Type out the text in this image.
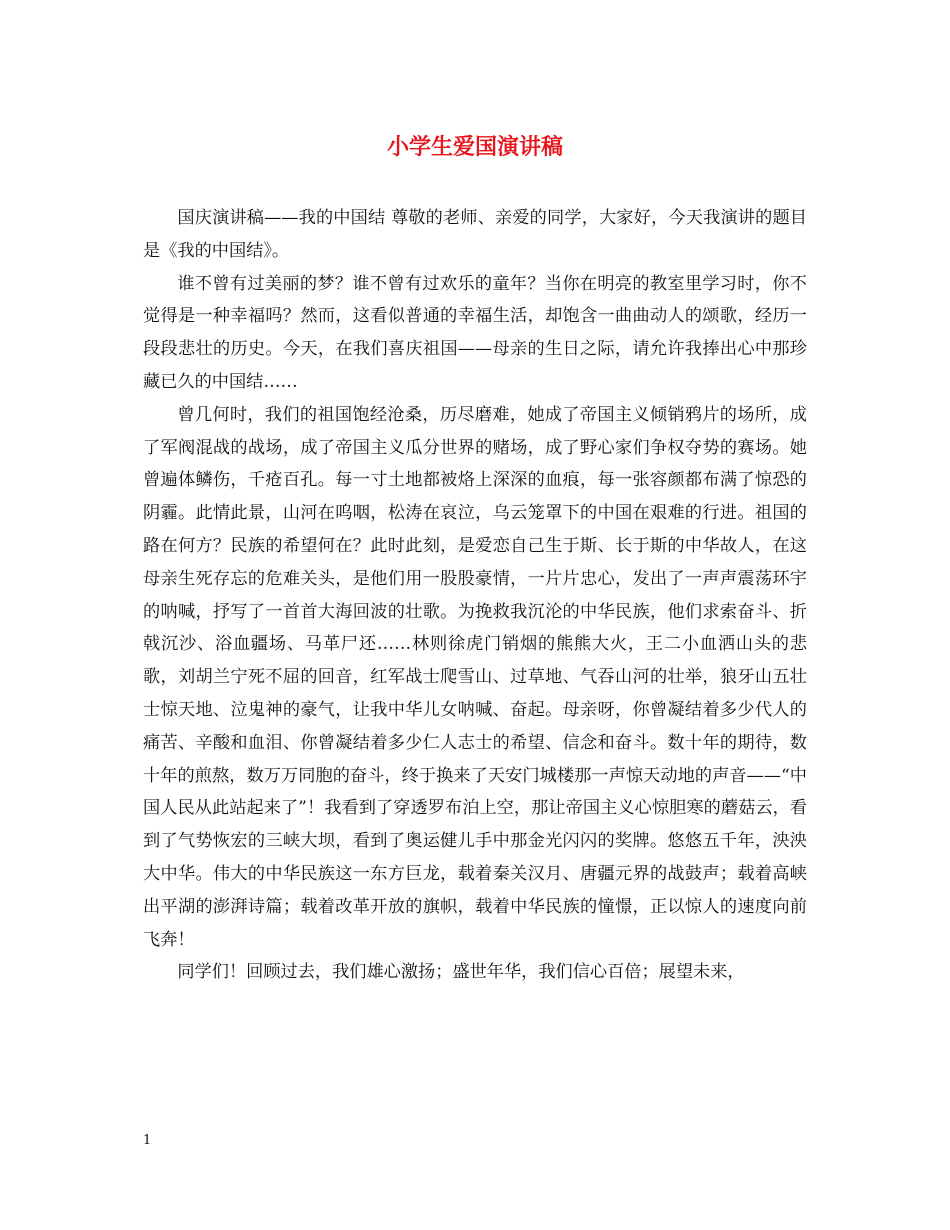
小学生爱国演讲稿

国庆演讲稿——我的中国结 尊敬的老师、亲爱的同学，大家好，今天我演讲的题目是《我的中国结》。

谁不曾有过美丽的梦？谁不曾有过欢乐的童年？当你在明亮的教室里学习时，你不觉得是一种幸福吗？然而，这看似普通的幸福生活，却饱含一曲曲动人的颂歌，经历一段段悲壮的历史。今天，在我们喜庆祖国——母亲的生日之际，请允许我捧出心中那珍藏已久的中国结……

曾几何时，我们的祖国饱经沧桑，历尽磨难，她成了帝国主义倾销鸦片的场所，成了军阀混战的战场，成了帝国主义瓜分世界的赌场，成了野心家们争权夺势的赛场。她曾遍体鳞伤，千疮百孔。每一寸土地都被烙上深深的血痕，每一张容颜都布满了惊恐的阴霾。此情此景，山河在呜咽，松涛在哀泣，乌云笼罩下的中国在艰难的行进。祖国的路在何方？民族的希望何在？此时此刻，是爱恋自己生于斯、长于斯的中华故人，在这母亲生死存忘的危难关头，是他们用一股股豪情，一片片忠心，发出了一声声震荡环宇的呐喊，抒写了一首首大海回波的壮歌。为挽救我沉沦的中华民族，他们求索奋斗、折戟沉沙、浴血疆场、马革尸还……林则徐虎门销烟的熊熊大火，王二小血洒山头的悲歌，刘胡兰宁死不屈的回音，红军战士爬雪山、过草地、气吞山河的壮举，狼牙山五壮士惊天地、泣鬼神的豪气，让我中华儿女呐喊、奋起。母亲呀，你曾凝结着多少代人的痛苦、辛酸和血泪、你曾凝结着多少仁人志士的希望、信念和奋斗。数十年的期待，数十年的煎熬，数万万同胞的奋斗，终于换来了天安门城楼那一声惊天动地的声音——“中国人民从此站起来了”！我看到了穿透罗布泊上空，那让帝国主义心惊胆寒的蘑菇云，看到了气势恢宏的三峡大坝，看到了奥运健儿手中那金光闪闪的奖牌。悠悠五千年，泱泱大中华。伟大的中华民族这一东方巨龙，载着秦关汉月、唐疆元界的战鼓声；载着高峡出平湖的澎湃诗篇；载着改革开放的旗帜，载着中华民族的憧憬，正以惊人的速度向前飞奔！

同学们！回顾过去，我们雄心激扬；盛世年华，我们信心百倍；展望未来，

1
